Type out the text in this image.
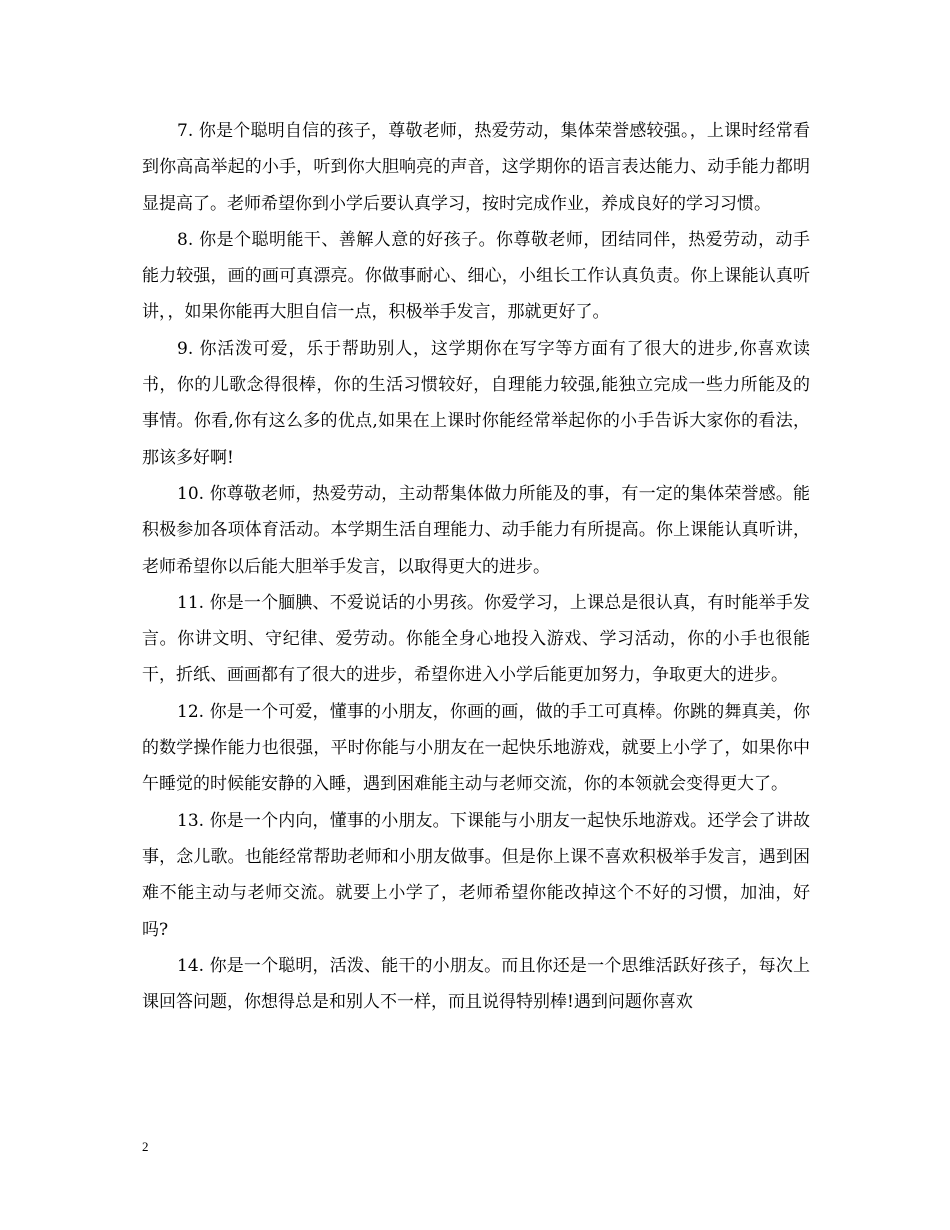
7. 你是个聪明自信的孩子，尊敬老师，热爱劳动，集体荣誉感较强。，上课时经常看到你高高举起的小手，听到你大胆响亮的声音，这学期你的语言表达能力、动手能力都明显提高了。老师希望你到小学后要认真学习，按时完成作业，养成良好的学习习惯。

8. 你是个聪明能干、善解人意的好孩子。你尊敬老师，团结同伴，热爱劳动，动手能力较强，画的画可真漂亮。你做事耐心、细心，小组长工作认真负责。你上课能认真听讲，，如果你能再大胆自信一点，积极举手发言，那就更好了。

9. 你活泼可爱，乐于帮助别人，这学期你在写字等方面有了很大的进步,你喜欢读书，你的儿歌念得很棒，你的生活习惯较好，自理能力较强,能独立完成一些力所能及的事情。你看,你有这么多的优点,如果在上课时你能经常举起你的小手告诉大家你的看法，那该多好啊!

10. 你尊敬老师，热爱劳动，主动帮集体做力所能及的事，有一定的集体荣誉感。能积极参加各项体育活动。本学期生活自理能力、动手能力有所提高。你上课能认真听讲，老师希望你以后能大胆举手发言，以取得更大的进步。

11. 你是一个腼腆、不爱说话的小男孩。你爱学习，上课总是很认真，有时能举手发言。你讲文明、守纪律、爱劳动。你能全身心地投入游戏、学习活动，你的小手也很能干，折纸、画画都有了很大的进步，希望你进入小学后能更加努力，争取更大的进步。

12. 你是一个可爱，懂事的小朋友，你画的画，做的手工可真棒。你跳的舞真美，你的数学操作能力也很强，平时你能与小朋友在一起快乐地游戏，就要上小学了，如果你中午睡觉的时候能安静的入睡，遇到困难能主动与老师交流，你的本领就会变得更大了。

13. 你是一个内向，懂事的小朋友。下课能与小朋友一起快乐地游戏。还学会了讲故事，念儿歌。也能经常帮助老师和小朋友做事。但是你上课不喜欢积极举手发言，遇到困难不能主动与老师交流。就要上小学了，老师希望你能改掉这个不好的习惯，加油，好吗?

14. 你是一个聪明，活泼、能干的小朋友。而且你还是一个思维活跃好孩子，每次上课回答问题，你想得总是和别人不一样，而且说得特别棒!遇到问题你喜欢

2
